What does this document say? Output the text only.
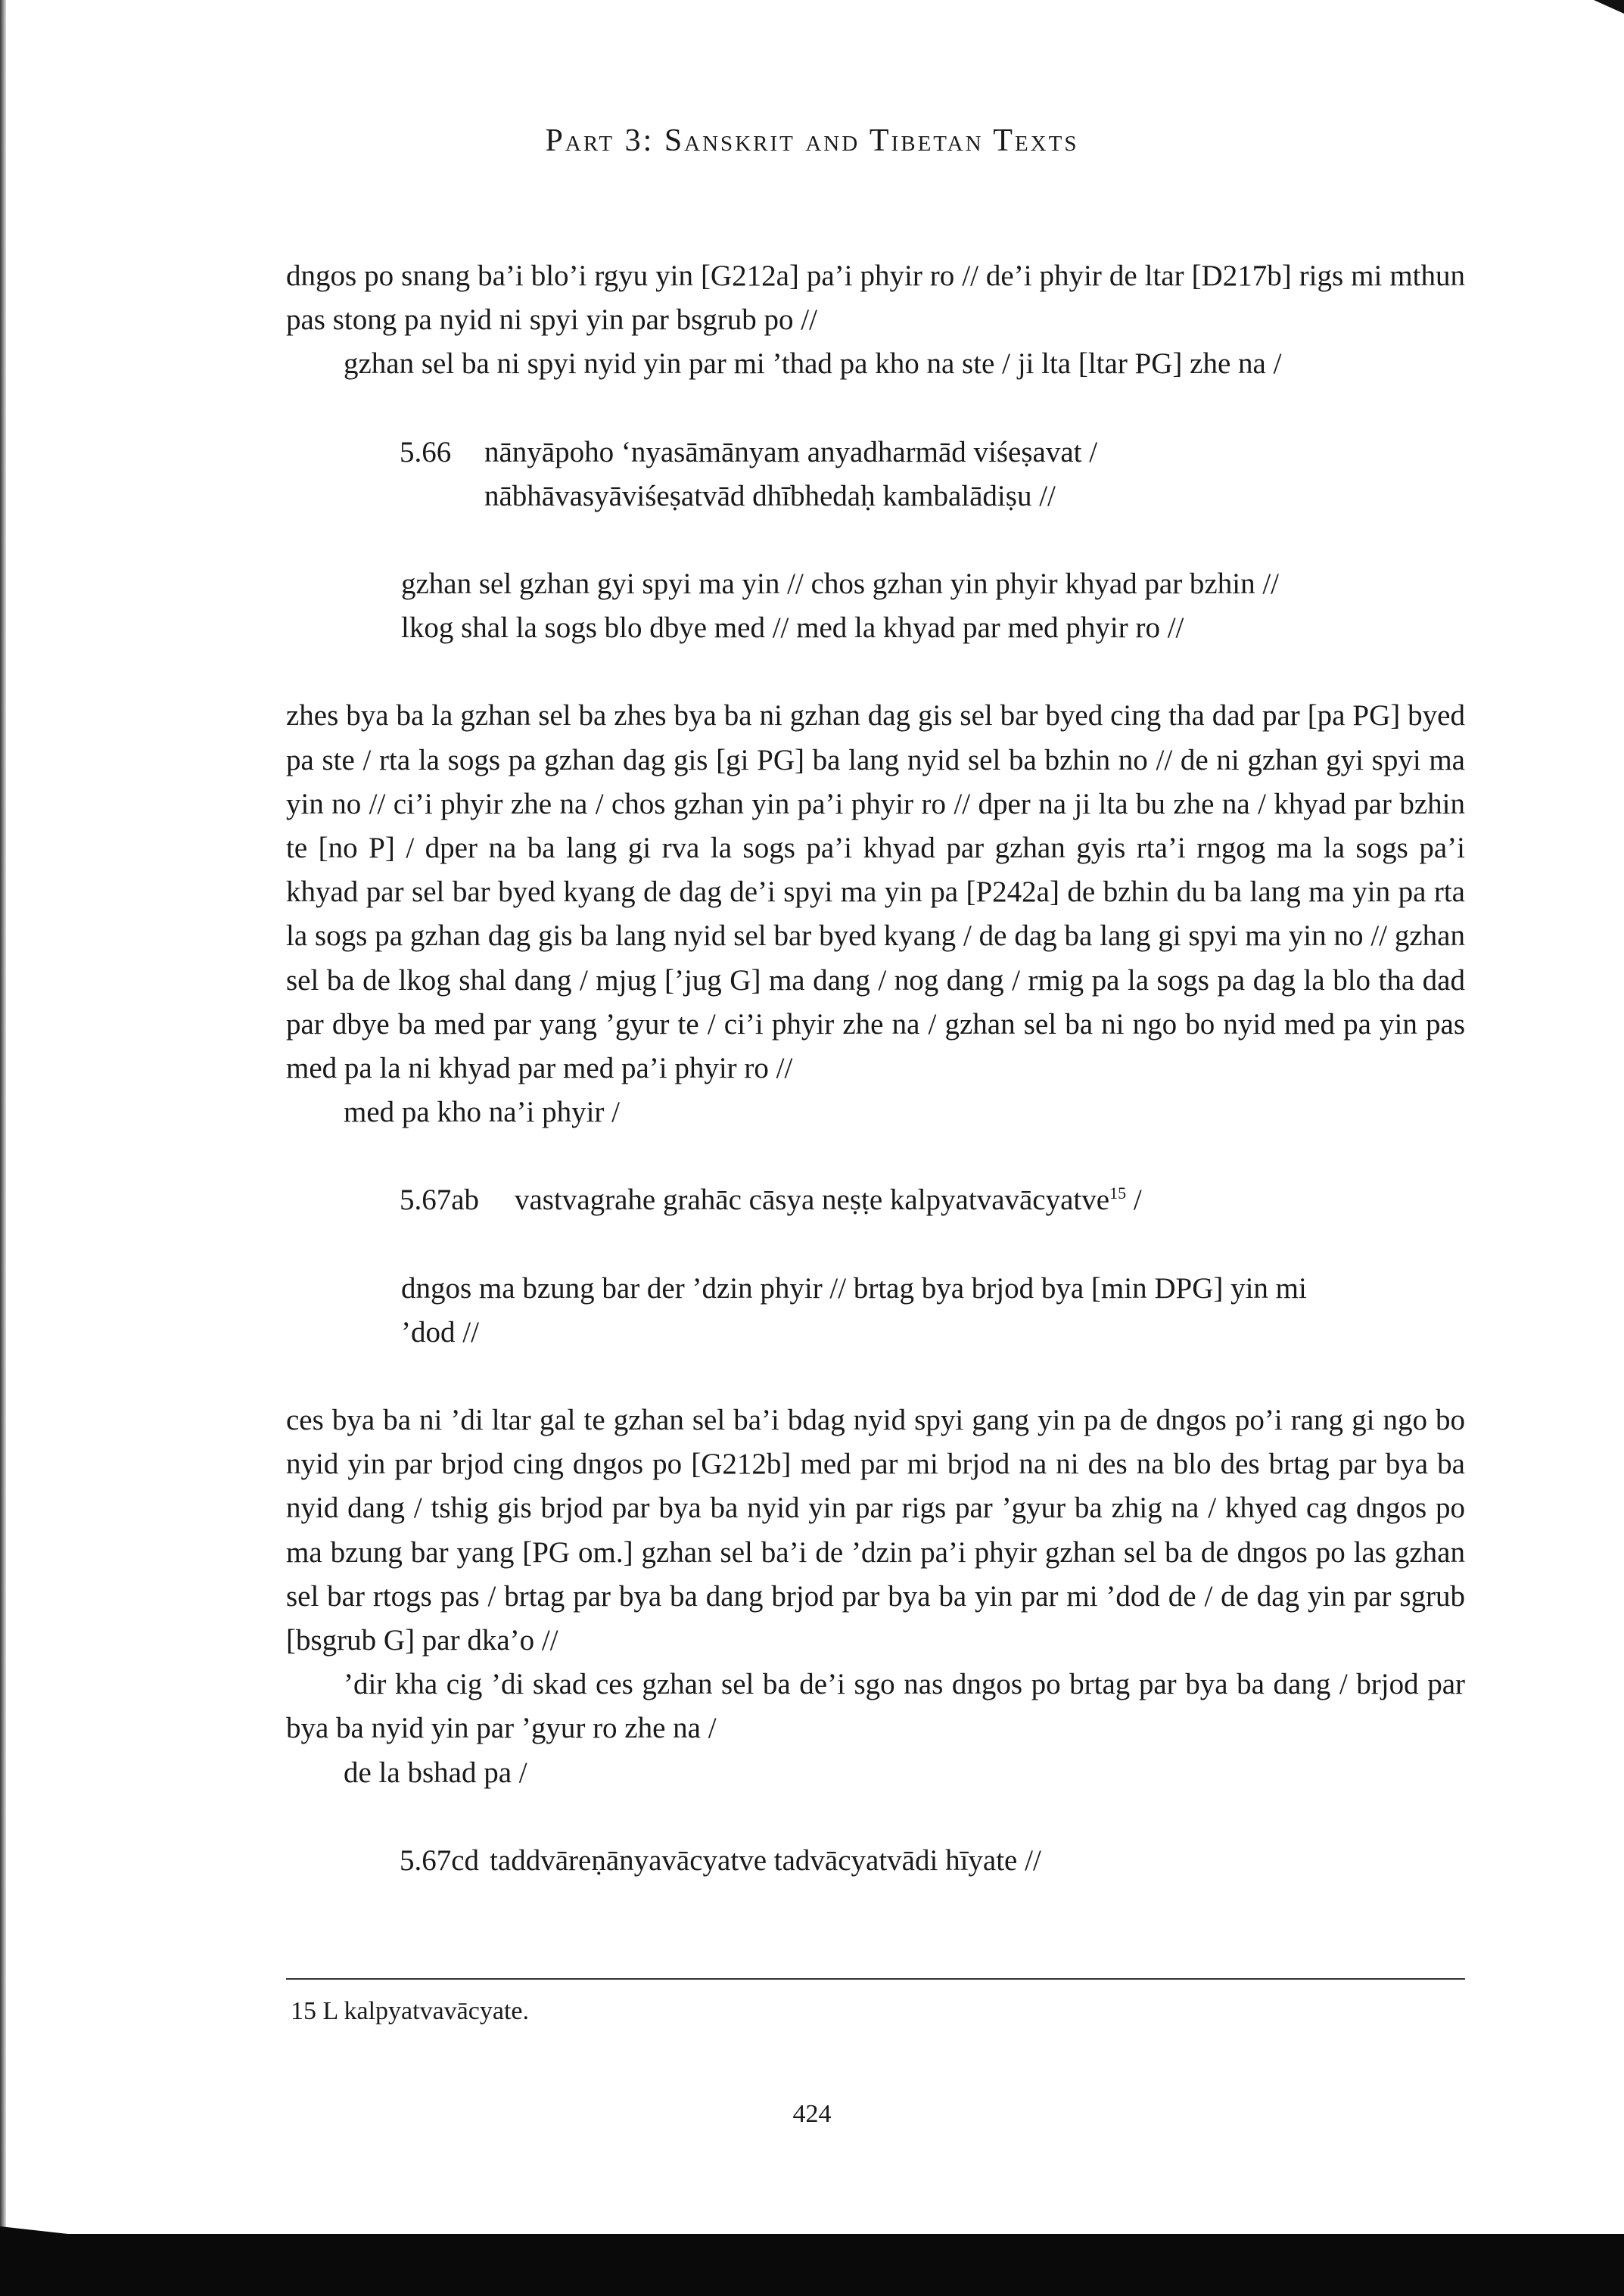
Part 3: Sanskrit and Tibetan Texts

dngos po snang ba’i blo’i rgyu yin [G212a] pa’i phyir ro // de’i phyir de ltar [D217b] rigs mi mthun pas stong pa nyid ni spyi yin par bsgrub po //

gzhan sel ba ni spyi nyid yin par mi ’thad pa kho na ste / ji lta [ltar PG] zhe na /

5.66 nānyāpoho ‘nyasāmānyam anyadharmād viśeṣavat /
nābhāvasyāviśeṣatvād dhībhedaḥ kambalādiṣu //

gzhan sel gzhan gyi spyi ma yin // chos gzhan yin phyir khyad par bzhin //

lkog shal la sogs blo dbye med // med la khyad par med phyir ro //

zhes bya ba la gzhan sel ba zhes bya ba ni gzhan dag gis sel bar byed cing tha dad par [pa PG] byed pa ste / rta la sogs pa gzhan dag gis [gi PG] ba lang nyid sel ba bzhin no // de ni gzhan gyi spyi ma yin no // ci’i phyir zhe na / chos gzhan yin pa’i phyir ro // dper na ji lta bu zhe na / khyad par bzhin te [no P] / dper na ba lang gi rva la sogs pa’i khyad par gzhan gyis rta’i rngog ma la sogs pa’i khyad par sel bar byed kyang de dag de’i spyi ma yin pa [P242a] de bzhin du ba lang ma yin pa rta la sogs pa gzhan dag gis ba lang nyid sel bar byed kyang / de dag ba lang gi spyi ma yin no // gzhan sel ba de lkog shal dang / mjug [’jug G] ma dang / nog dang / rmig pa la sogs pa dag la blo tha dad par dbye ba med par yang ’gyur te / ci’i phyir zhe na / gzhan sel ba ni ngo bo nyid med pa yin pas med pa la ni khyad par med pa’i phyir ro //

med pa kho na’i phyir /

5.67ab vastvagrahe grahāc cāsya neṣṭe kalpyatvavācyatve$^{15}$ /

dngos ma bzung bar der ’dzin phyir // brtag bya brjod bya [min DPG] yin mi

’dod //

ces bya ba ni ’di ltar gal te gzhan sel ba’i bdag nyid spyi gang yin pa de dngos po’i rang gi ngo bo nyid yin par brjod cing dngos po [G212b] med par mi brjod na ni des na blo des brtag par bya ba nyid dang / tshig gis brjod par bya ba nyid yin par rigs par ’gyur ba zhig na / khyed cag dngos po ma bzung bar yang [PG om.] gzhan sel ba’i de ’dzin pa’i phyir gzhan sel ba de dngos po las gzhan sel bar rtogs pas / brtag par bya ba dang brjod par bya ba yin par mi ’dod de / de dag yin par sgrub [bsgrub G] par dka’o //

’dir kha cig ’di skad ces gzhan sel ba de’i sgo nas dngos po brtag par bya ba dang / brjod par bya ba nyid yin par ’gyur ro zhe na /

de la bshad pa /

5.67cd taddvāreṇānyavācyatve tadvācyatvādi hīyate //
15 L kalpyatvavācyate.
424
